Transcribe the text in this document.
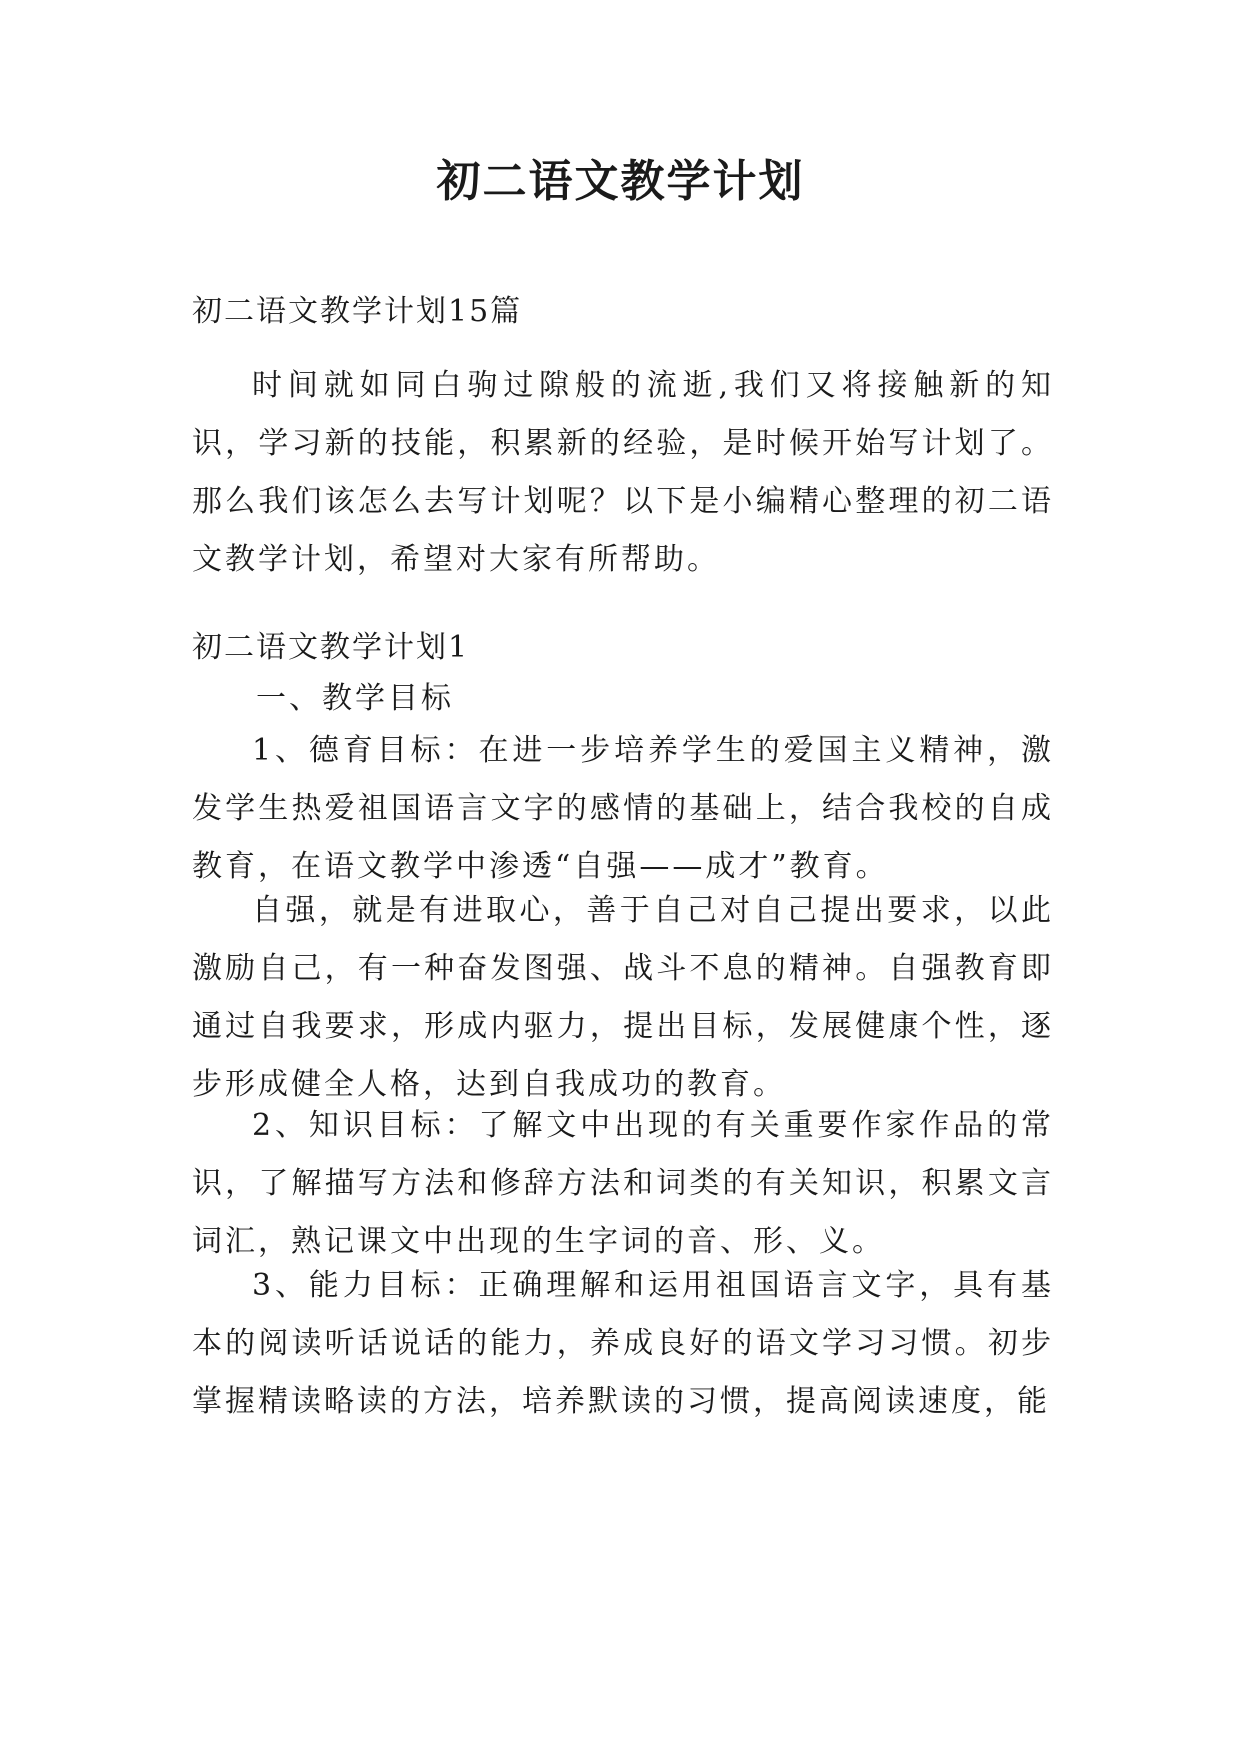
初二语文教学计划

初二语文教学计划15篇

时间就如同白驹过隙般的流逝,我们又将接触新的知识，学习新的技能，积累新的经验，是时候开始写计划了。那么我们该怎么去写计划呢？以下是小编精心整理的初二语文教学计划，希望对大家有所帮助。

初二语文教学计划1

一、教学目标

1、德育目标：在进一步培养学生的爱国主义精神，激发学生热爱祖国语言文字的感情的基础上，结合我校的自成教育，在语文教学中渗透“自强——成才”教育。

自强，就是有进取心，善于自己对自己提出要求，以此激励自己，有一种奋发图强、战斗不息的精神。自强教育即通过自我要求，形成内驱力，提出目标，发展健康个性，逐步形成健全人格，达到自我成功的教育。

2、知识目标：了解文中出现的有关重要作家作品的常识，了解描写方法和修辞方法和词类的有关知识，积累文言词汇，熟记课文中出现的生字词的音、形、义。

3、能力目标：正确理解和运用祖国语言文字，具有基本的阅读听话说话的能力，养成良好的语文学习习惯。初步掌握精读略读的方法，培养默读的习惯，提高阅读速度，能
